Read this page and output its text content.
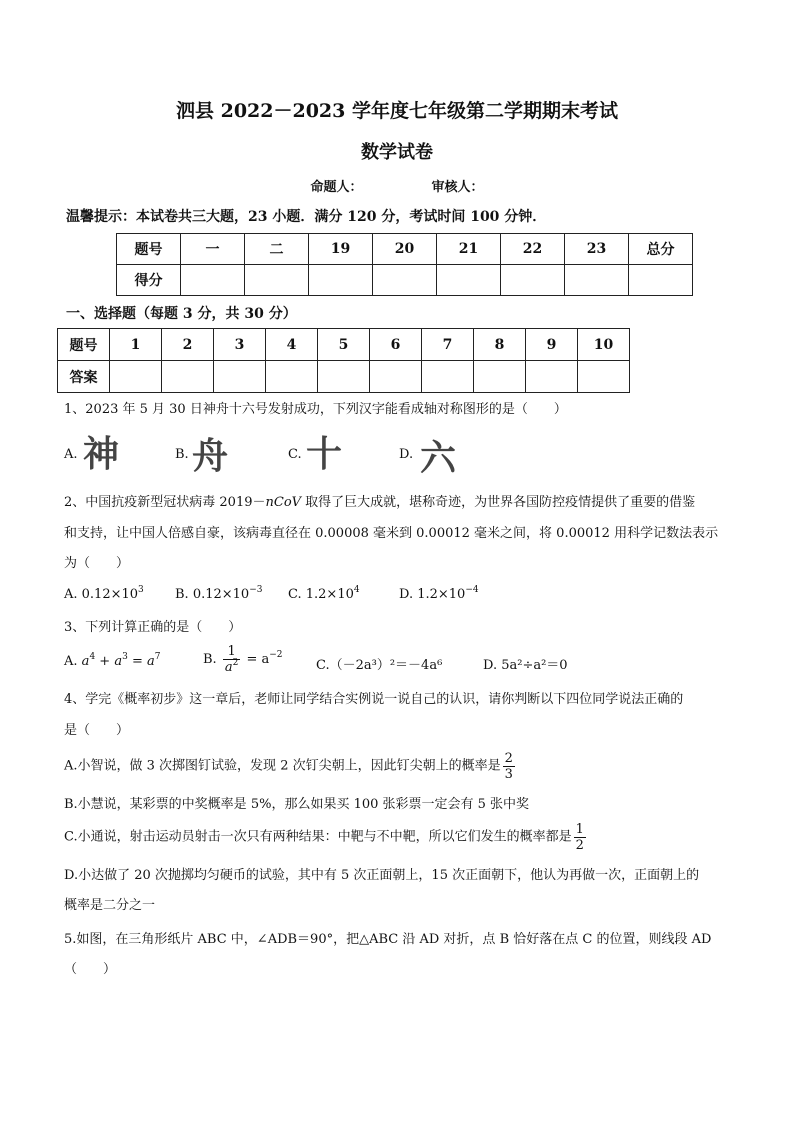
泗县 2022－2023 学年度七年级第二学期期末考试
数学试卷
命题人：	审核人：
温馨提示：本试卷共三大题，23 小题．满分 120 分，考试时间 100 分钟．
题号	一	二	19	20	21	22	23	总分
得分								
一、选择题（每题 3 分，共 30 分）
题号	1	2	3	4	5	6	7	8	9	10
答案										
1、2023 年 5 月 30 日神舟十六号发射成功，下列汉字能看成轴对称图形的是（　　）
A. 神	B. 舟	C. 十	D. 六
2、中国抗疫新型冠状病毒 2019－nCoV 取得了巨大成就，堪称奇迹，为世界各国防控疫情提供了重要的借鉴
和支持，让中国人倍感自豪，该病毒直径在 0.00008 毫米到 0.00012 毫米之间，将 0.00012 用科学记数法表示
为（　　）
A. $0.12\times 10^3$ B. $0.12\times 10^{-3}$ C. $1.2\times 10^4$	D. $1.2\times 10^{-4}$
3、下列计算正确的是（　　）
A. $a^4 + a^3 = a^7$	B. $\frac{1}{a^2} = a^{-2}$
C.（－2a³）²＝－4a⁶	D. 5a²÷a²＝0
4、学完《概率初步》这一章后，老师让同学结合实例说一说自己的认识，请你判断以下四位同学说法正确的
是（　　）
A.小智说，做 3 次掷图钉试验，发现 2 次钉尖朝上，因此钉尖朝上的概率是 $\frac{2}{3}$
B.小慧说，某彩票的中奖概率是 5%，那么如果买 100 张彩票一定会有 5 张中奖
C.小通说，射击运动员射击一次只有两种结果：中靶与不中靶，所以它们发生的概率都是 $\frac{1}{2}$
D.小达做了 20 次抛掷均匀硬币的试验，其中有 5 次正面朝上，15 次正面朝下，他认为再做一次，正面朝上的
概率是二分之一
5.如图，在三角形纸片 ABC 中，∠ADB＝90°，把△ABC 沿 AD 对折，点 B 恰好落在点 C 的位置，则线段 AD
（　　）
